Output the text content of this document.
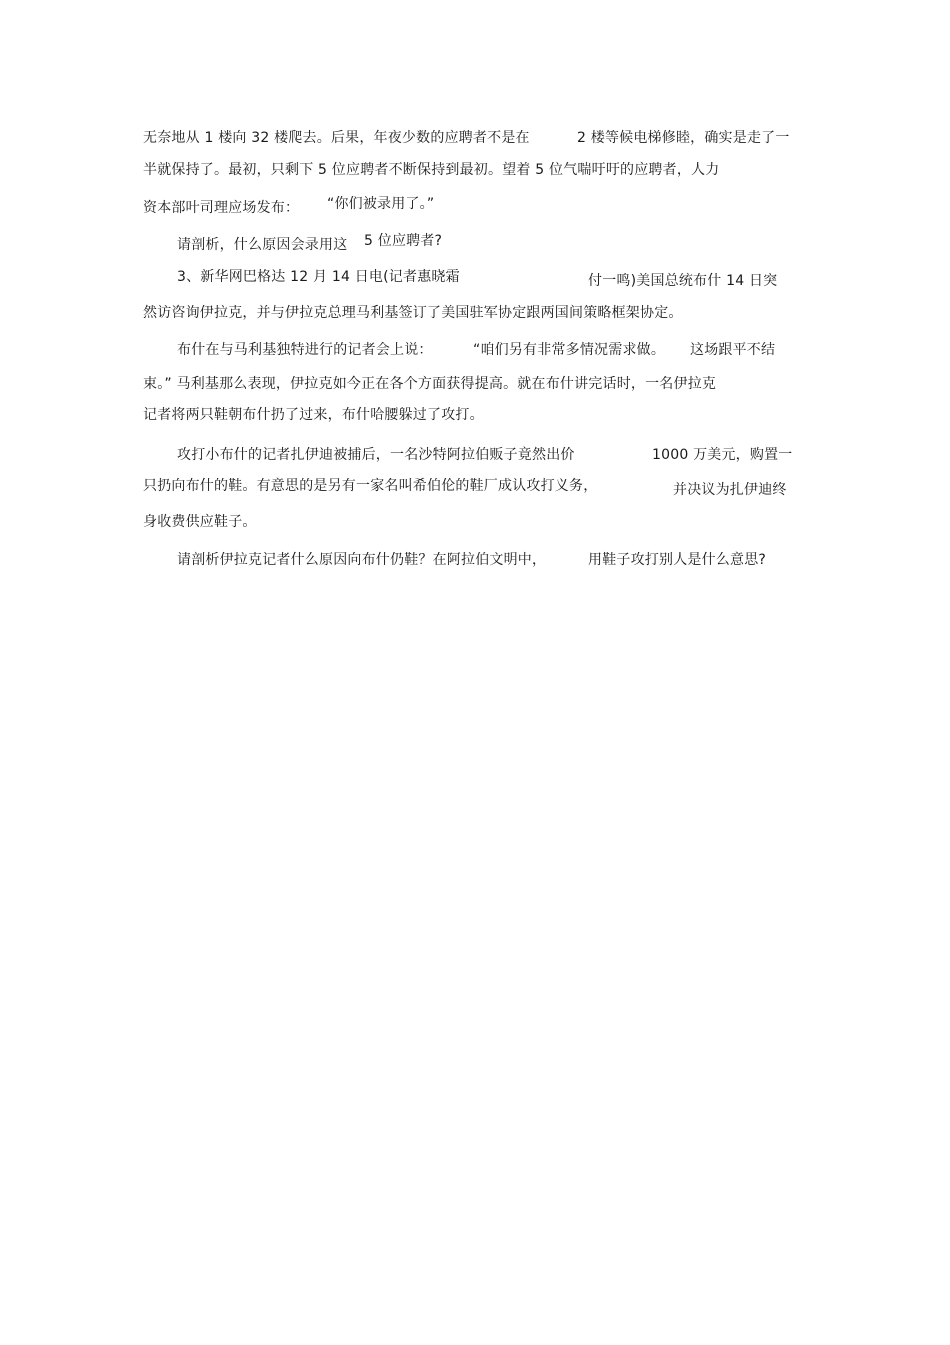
无奈地从 1 楼向 32 楼爬去。后果，年夜少数的应聘者不是在	2 楼等候电梯修睦，确实是走了一
半就保持了。最初，只剩下 5 位应聘者不断保持到最初。望着 5 位气喘吁吁的应聘者，人力
资本部叶司理应场发布： “你们被录用了。”
请剖析，什么原因会录用这 5 位应聘者?
3、新华网巴格达 12 月 14 日电(记者惠晓霜	付一鸣)美国总统布什 14 日突
然访咨询伊拉克，并与伊拉克总理马利基签订了美国驻军协定跟两国间策略框架协定。
布什在与马利基独特进行的记者会上说：	“咱们另有非常多情况需求做。 这场跟平不结
束。” 马利基那么表现，伊拉克如今正在各个方面获得提高。就在布什讲完话时，一名伊拉克
记者将两只鞋朝布什扔了过来，布什哈腰躲过了攻打。
攻打小布什的记者扎伊迪被捕后，一名沙特阿拉伯贩子竟然出价	1000 万美元，购置一
只扔向布什的鞋。有意思的是另有一家名叫希伯伦的鞋厂成认攻打义务，	并决议为扎伊迪终
身收费供应鞋子。
请剖析伊拉克记者什么原因向布什仍鞋？在阿拉伯文明中，	用鞋子攻打别人是什么意思?
